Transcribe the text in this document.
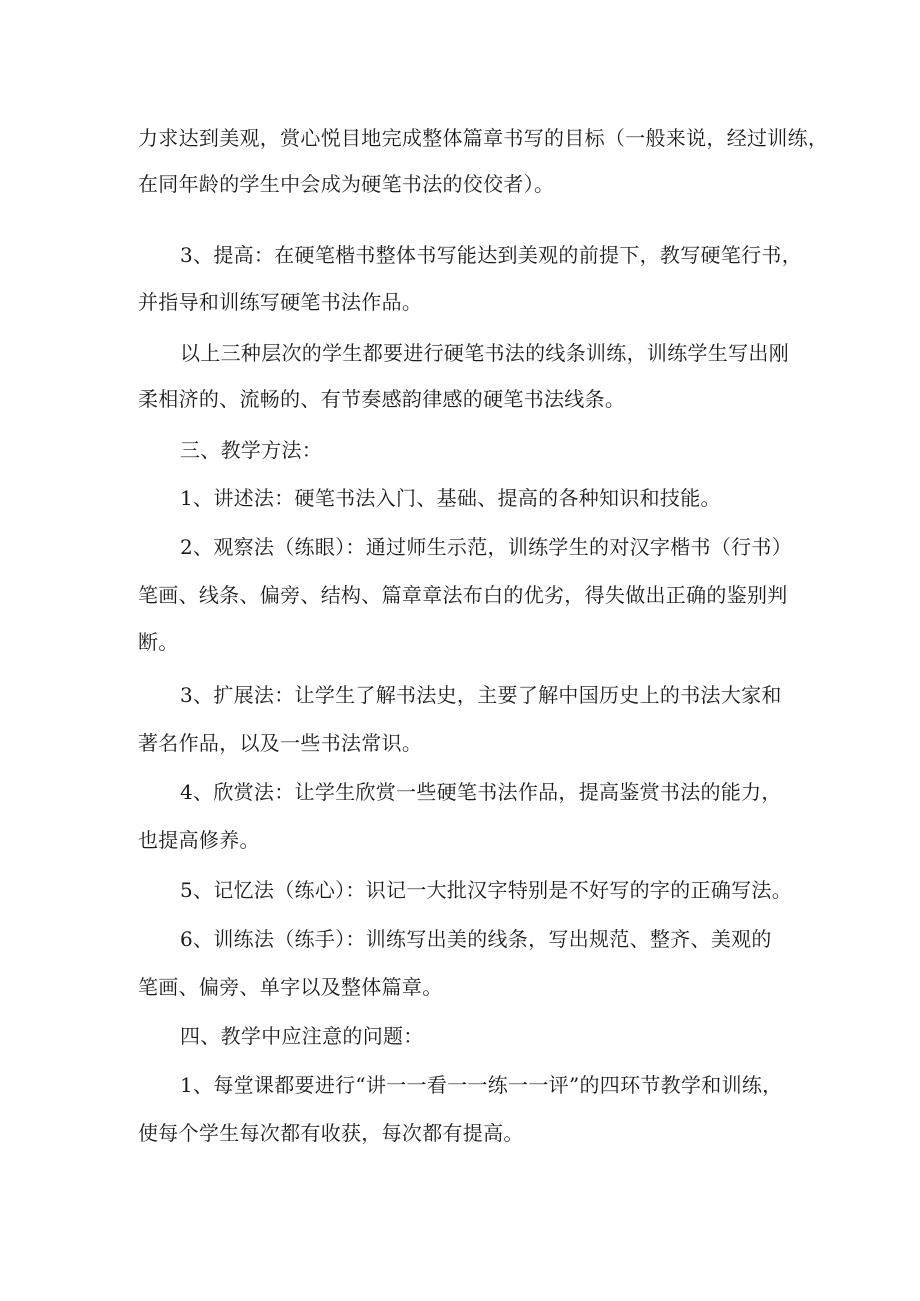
力求达到美观，赏心悦目地完成整体篇章书写的目标（一般来说，经过训练，
在同年龄的学生中会成为硬笔书法的佼佼者）。
3、提高：在硬笔楷书整体书写能达到美观的前提下，教写硬笔行书，
并指导和训练写硬笔书法作品。
以上三种层次的学生都要进行硬笔书法的线条训练，训练学生写出刚
柔相济的、流畅的、有节奏感韵律感的硬笔书法线条。
三、教学方法：
1、讲述法：硬笔书法入门、基础、提高的各种知识和技能。
2、观察法（练眼）：通过师生示范，训练学生的对汉字楷书（行书）
笔画、线条、偏旁、结构、篇章章法布白的优劣，得失做出正确的鉴别判
断。
3、扩展法：让学生了解书法史，主要了解中国历史上的书法大家和
著名作品，以及一些书法常识。
4、欣赏法：让学生欣赏一些硬笔书法作品，提高鉴赏书法的能力，
也提高修养。
5、记忆法（练心）：识记一大批汉字特别是不好写的字的正确写法。
6、训练法（练手）：训练写出美的线条，写出规范、整齐、美观的
笔画、偏旁、单字以及整体篇章。
四、教学中应注意的问题：
1、每堂课都要进行“讲一一看一一练一一评”的四环节教学和训练，
使每个学生每次都有收获，每次都有提高。
